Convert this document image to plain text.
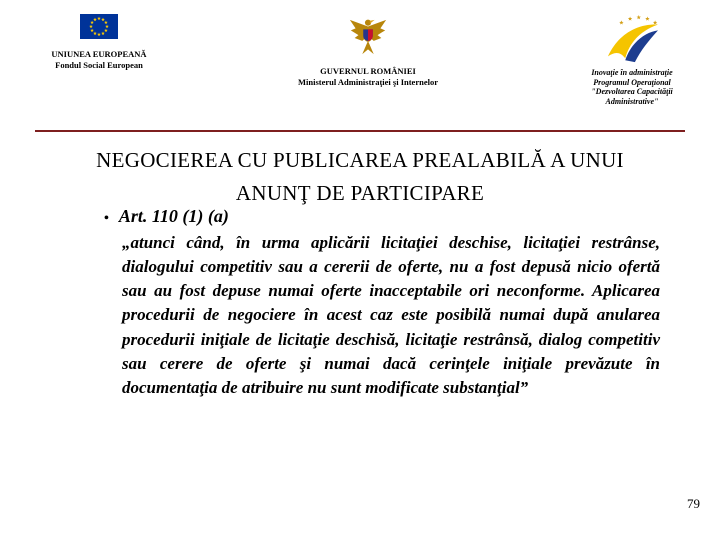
UNIUNEA EUROPEANĂ
Fondul Social European
GUVERNUL ROMÂNIEI
Ministerul Administraţiei şi Internelor
Inovaţie în administraţie
Programul Operaţional
"Dezvoltarea Capacităţii
Administrative"
NEGOCIEREA CU PUBLICAREA PREALABILĂ A UNUI
ANUNŢ DE PARTICIPARE
• Art. 110 (1) (a)

„atunci când, în urma aplicării licitaţiei deschise, licitaţiei restrânse, dialogului competitiv sau a cererii de oferte, nu a fost depusă nicio ofertă sau au fost depuse numai oferte inacceptabile ori neconforme. Aplicarea procedurii de negociere în acest caz este posibilă numai după anularea procedurii iniţiale de licitaţie deschisă, licitaţie restrânsă, dialog competitiv sau cerere de oferte şi numai dacă cerinţele iniţiale prevăzute în documentaţia de atribuire nu sunt modificate substanţial”

79
